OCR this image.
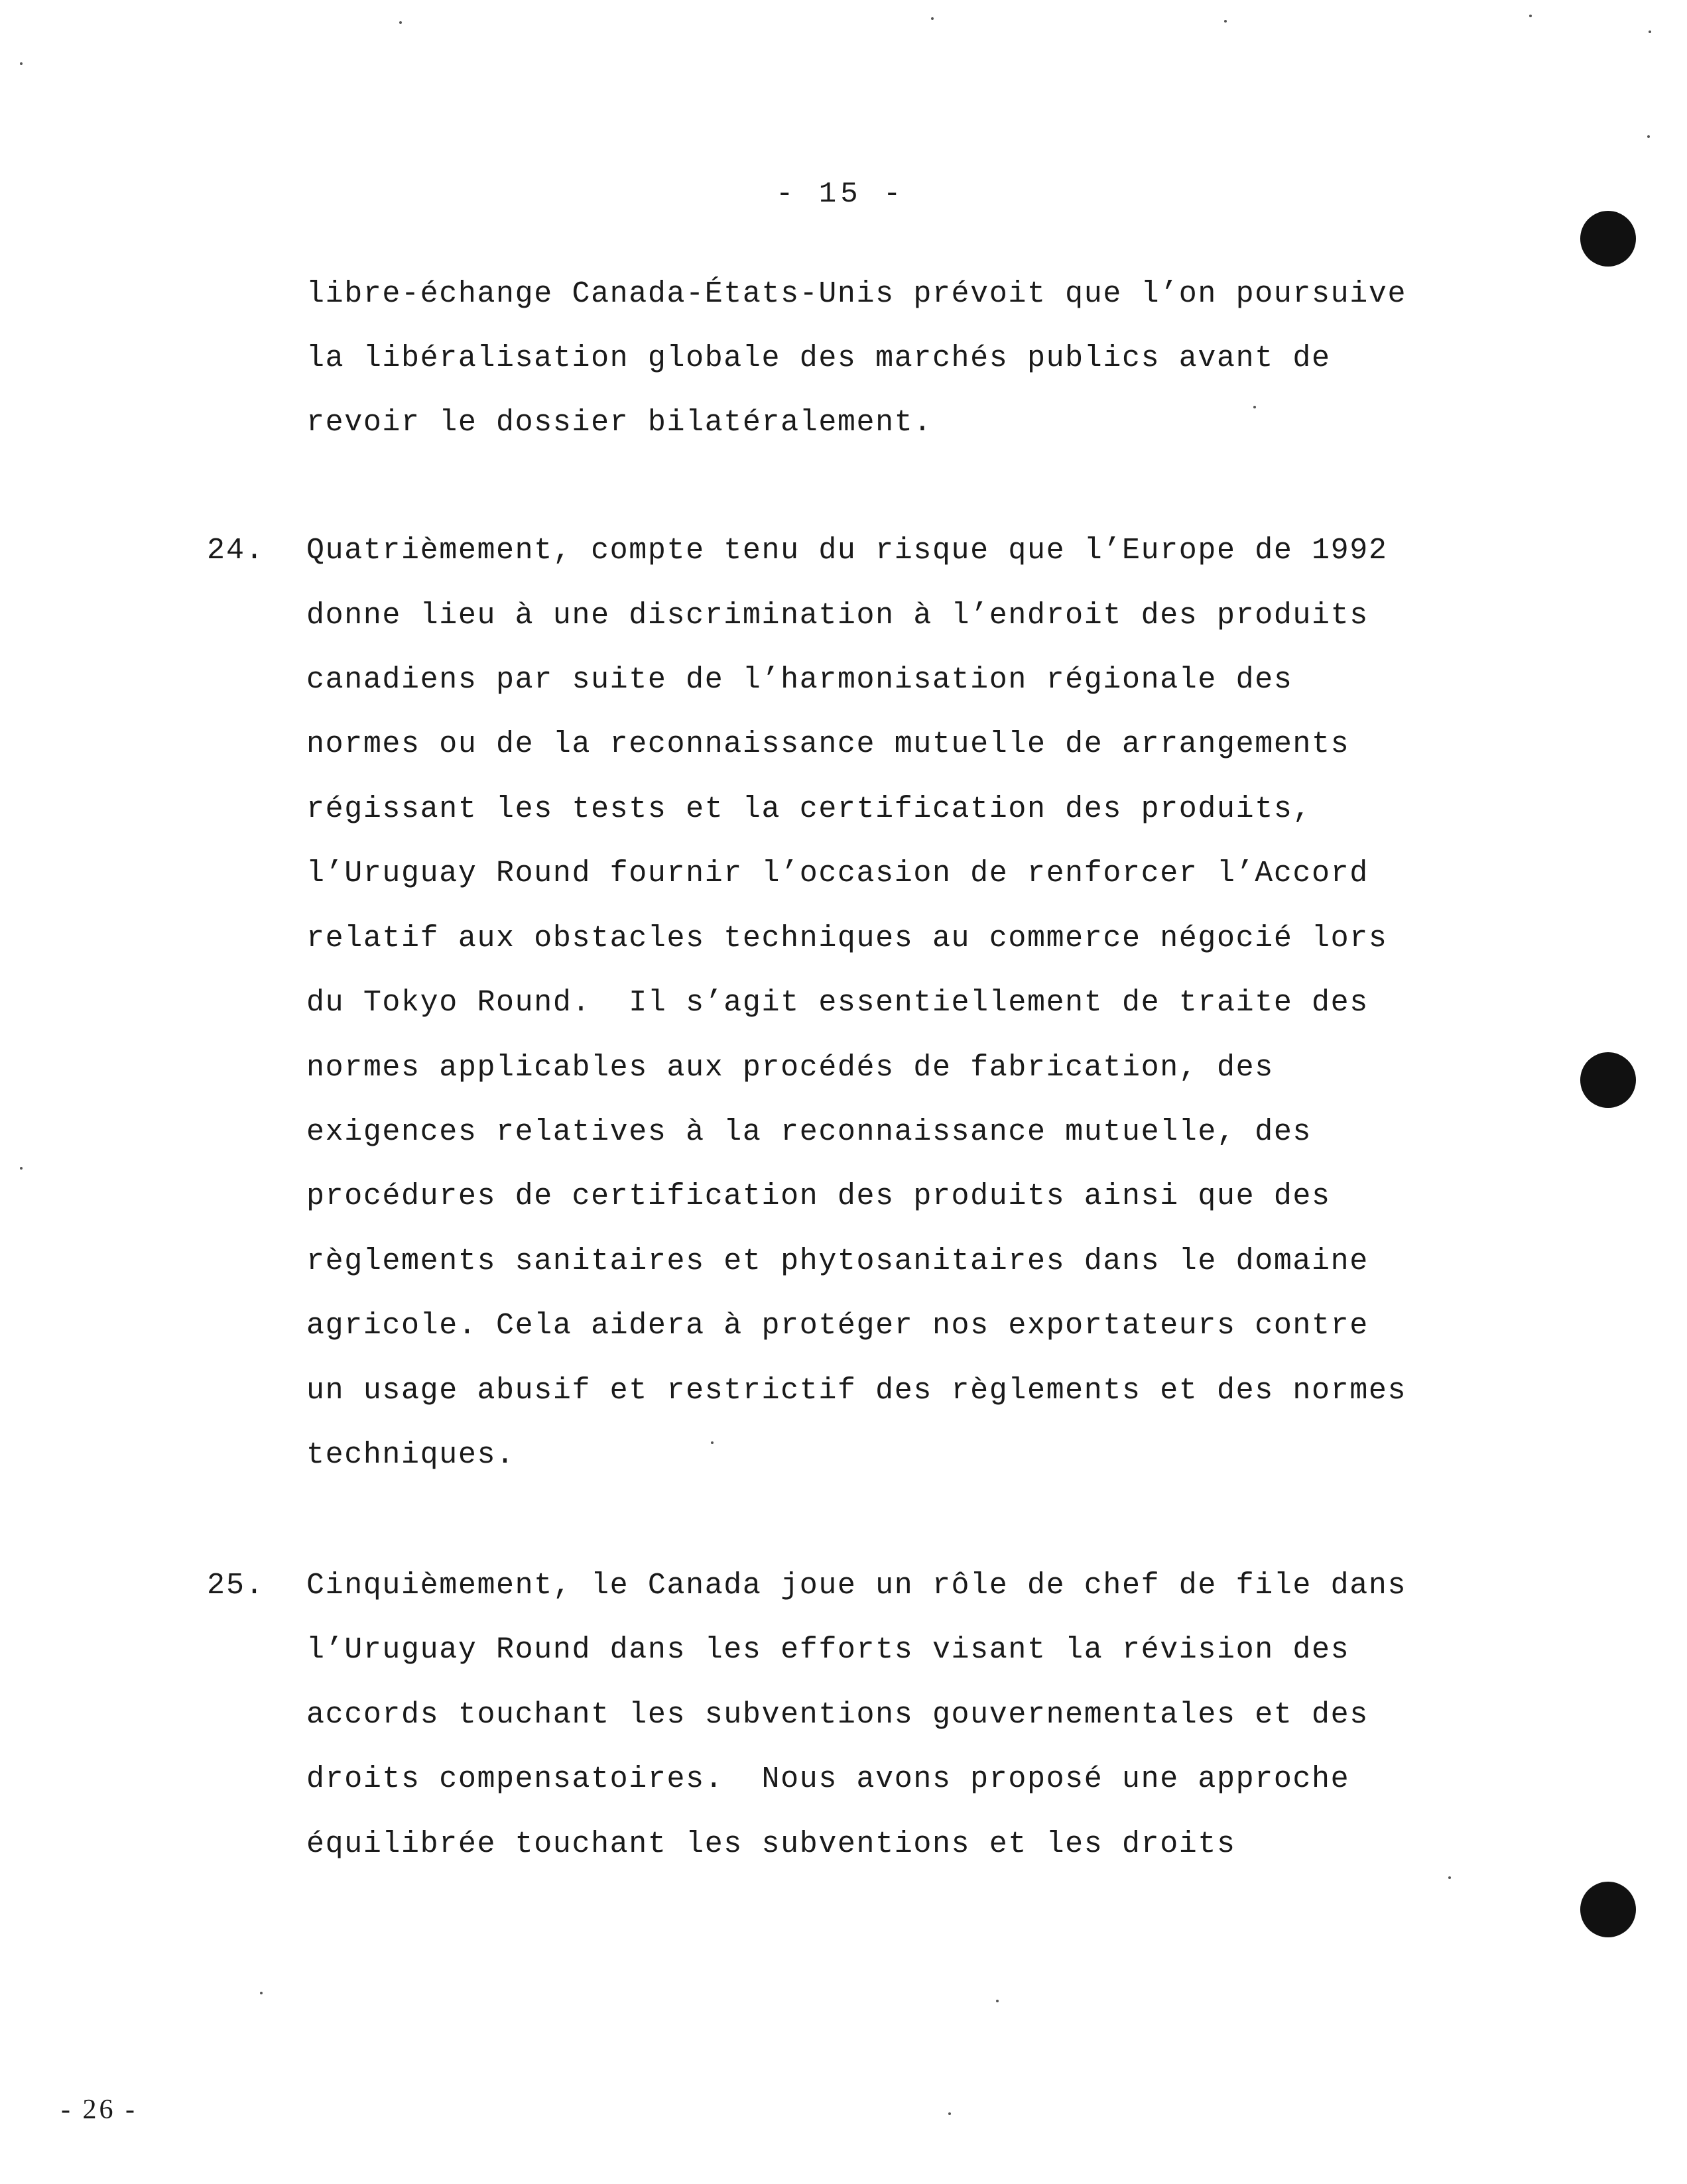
- 15 -
libre-échange Canada-États-Unis prévoit que l’on poursuive
la libéralisation globale des marchés publics avant de
revoir le dossier bilatéralement.
24. Quatrièmement, compte tenu du risque que l’Europe de 1992
donne lieu à une discrimination à l’endroit des produits
canadiens par suite de l’harmonisation régionale des
normes ou de la reconnaissance mutuelle de arrangements
régissant les tests et la certification des produits,
l’Uruguay Round fournir l’occasion de renforcer l’Accord
relatif aux obstacles techniques au commerce négocié lors
du Tokyo Round.  Il s’agit essentiellement de traite des
normes applicables aux procédés de fabrication, des
exigences relatives à la reconnaissance mutuelle, des
procédures de certification des produits ainsi que des
règlements sanitaires et phytosanitaires dans le domaine
agricole. Cela aidera à protéger nos exportateurs contre
un usage abusif et restrictif des règlements et des normes
techniques.
25. Cinquièmement, le Canada joue un rôle de chef de file dans
l’Uruguay Round dans les efforts visant la révision des
accords touchant les subventions gouvernementales et des
droits compensatoires.  Nous avons proposé une approche
équilibrée touchant les subventions et les droits
- 26 -
